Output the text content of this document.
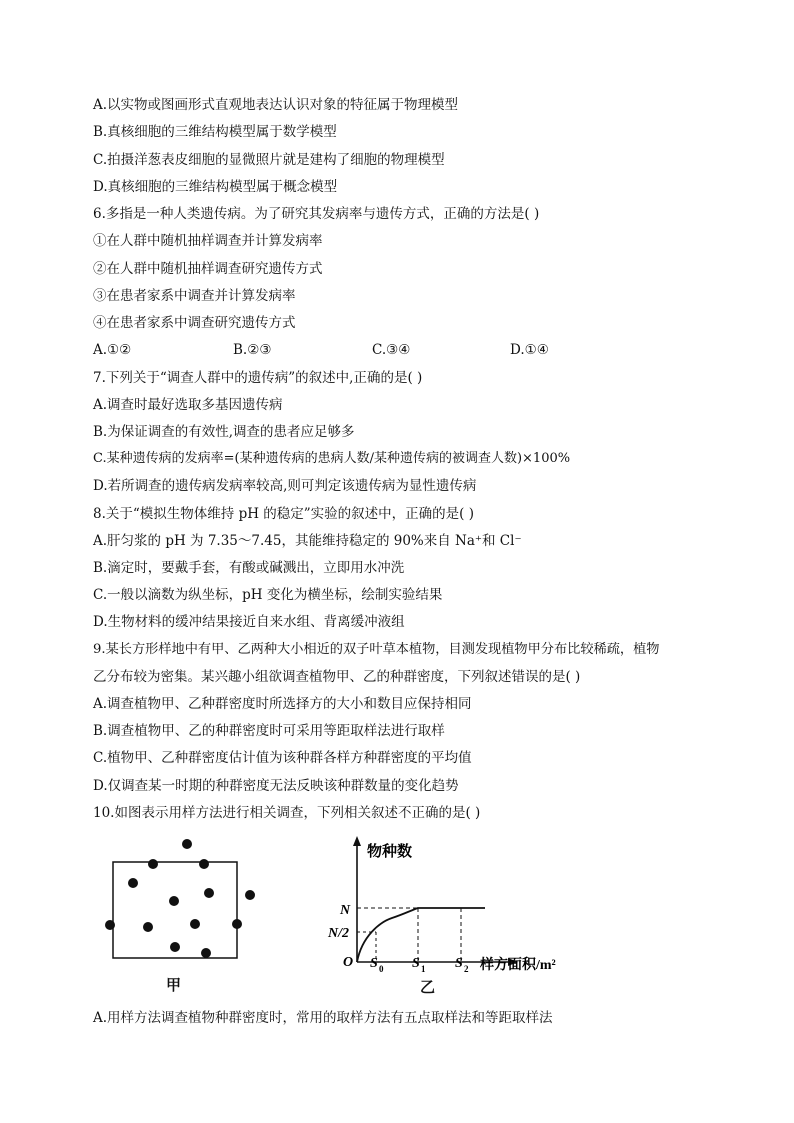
A.以实物或图画形式直观地表达认识对象的特征属于物理模型
B.真核细胞的三维结构模型属于数学模型
C.拍摄洋葱表皮细胞的显微照片就是建构了细胞的物理模型
D.真核细胞的三维结构模型属于概念模型
6.多指是一种人类遗传病。为了研究其发病率与遗传方式，正确的方法是( )
①在人群中随机抽样调查并计算发病率
②在人群中随机抽样调查研究遗传方式
③在患者家系中调查并计算发病率
④在患者家系中调查研究遗传方式
A.①②	B.②③	C.③④	D.①④
7.下列关于“调查人群中的遗传病”的叙述中,正确的是( )
A.调查时最好选取多基因遗传病
B.为保证调查的有效性,调查的患者应足够多
C.某种遗传病的发病率=(某种遗传病的患病人数/某种遗传病的被调查人数)×100%
D.若所调查的遗传病发病率较高,则可判定该遗传病为显性遗传病
8.关于“模拟生物体维持 pH 的稳定”实验的叙述中，正确的是( )
A.肝匀浆的 pH 为 7.35～7.45，其能维持稳定的 90%来自 Na⁺和 Cl⁻
B.滴定时，要戴手套，有酸或碱溅出，立即用水冲洗
C.一般以滴数为纵坐标，pH 变化为横坐标，绘制实验结果
D.生物材料的缓冲结果接近自来水组、背离缓冲液组
9.某长方形样地中有甲、乙两种大小相近的双子叶草本植物，目测发现植物甲分布比较稀疏，植物
乙分布较为密集。某兴趣小组欲调查植物甲、乙的种群密度，下列叙述错误的是( )
A.调查植物甲、乙种群密度时所选择方的大小和数目应保持相同
B.调查植物甲、乙的种群密度时可采用等距取样法进行取样
C.植物甲、乙种群密度估计值为该种群各样方种群密度的平均值
D.仅调查某一时期的种群密度无法反映该种群数量的变化趋势
10.如图表示用样方法进行相关调查，下列相关叙述不正确的是( )
甲
物种数
N
N/2
O S 0 S 1 S 2 样方面积/m²
乙
A.用样方法调查植物种群密度时，常用的取样方法有五点取样法和等距取样法
